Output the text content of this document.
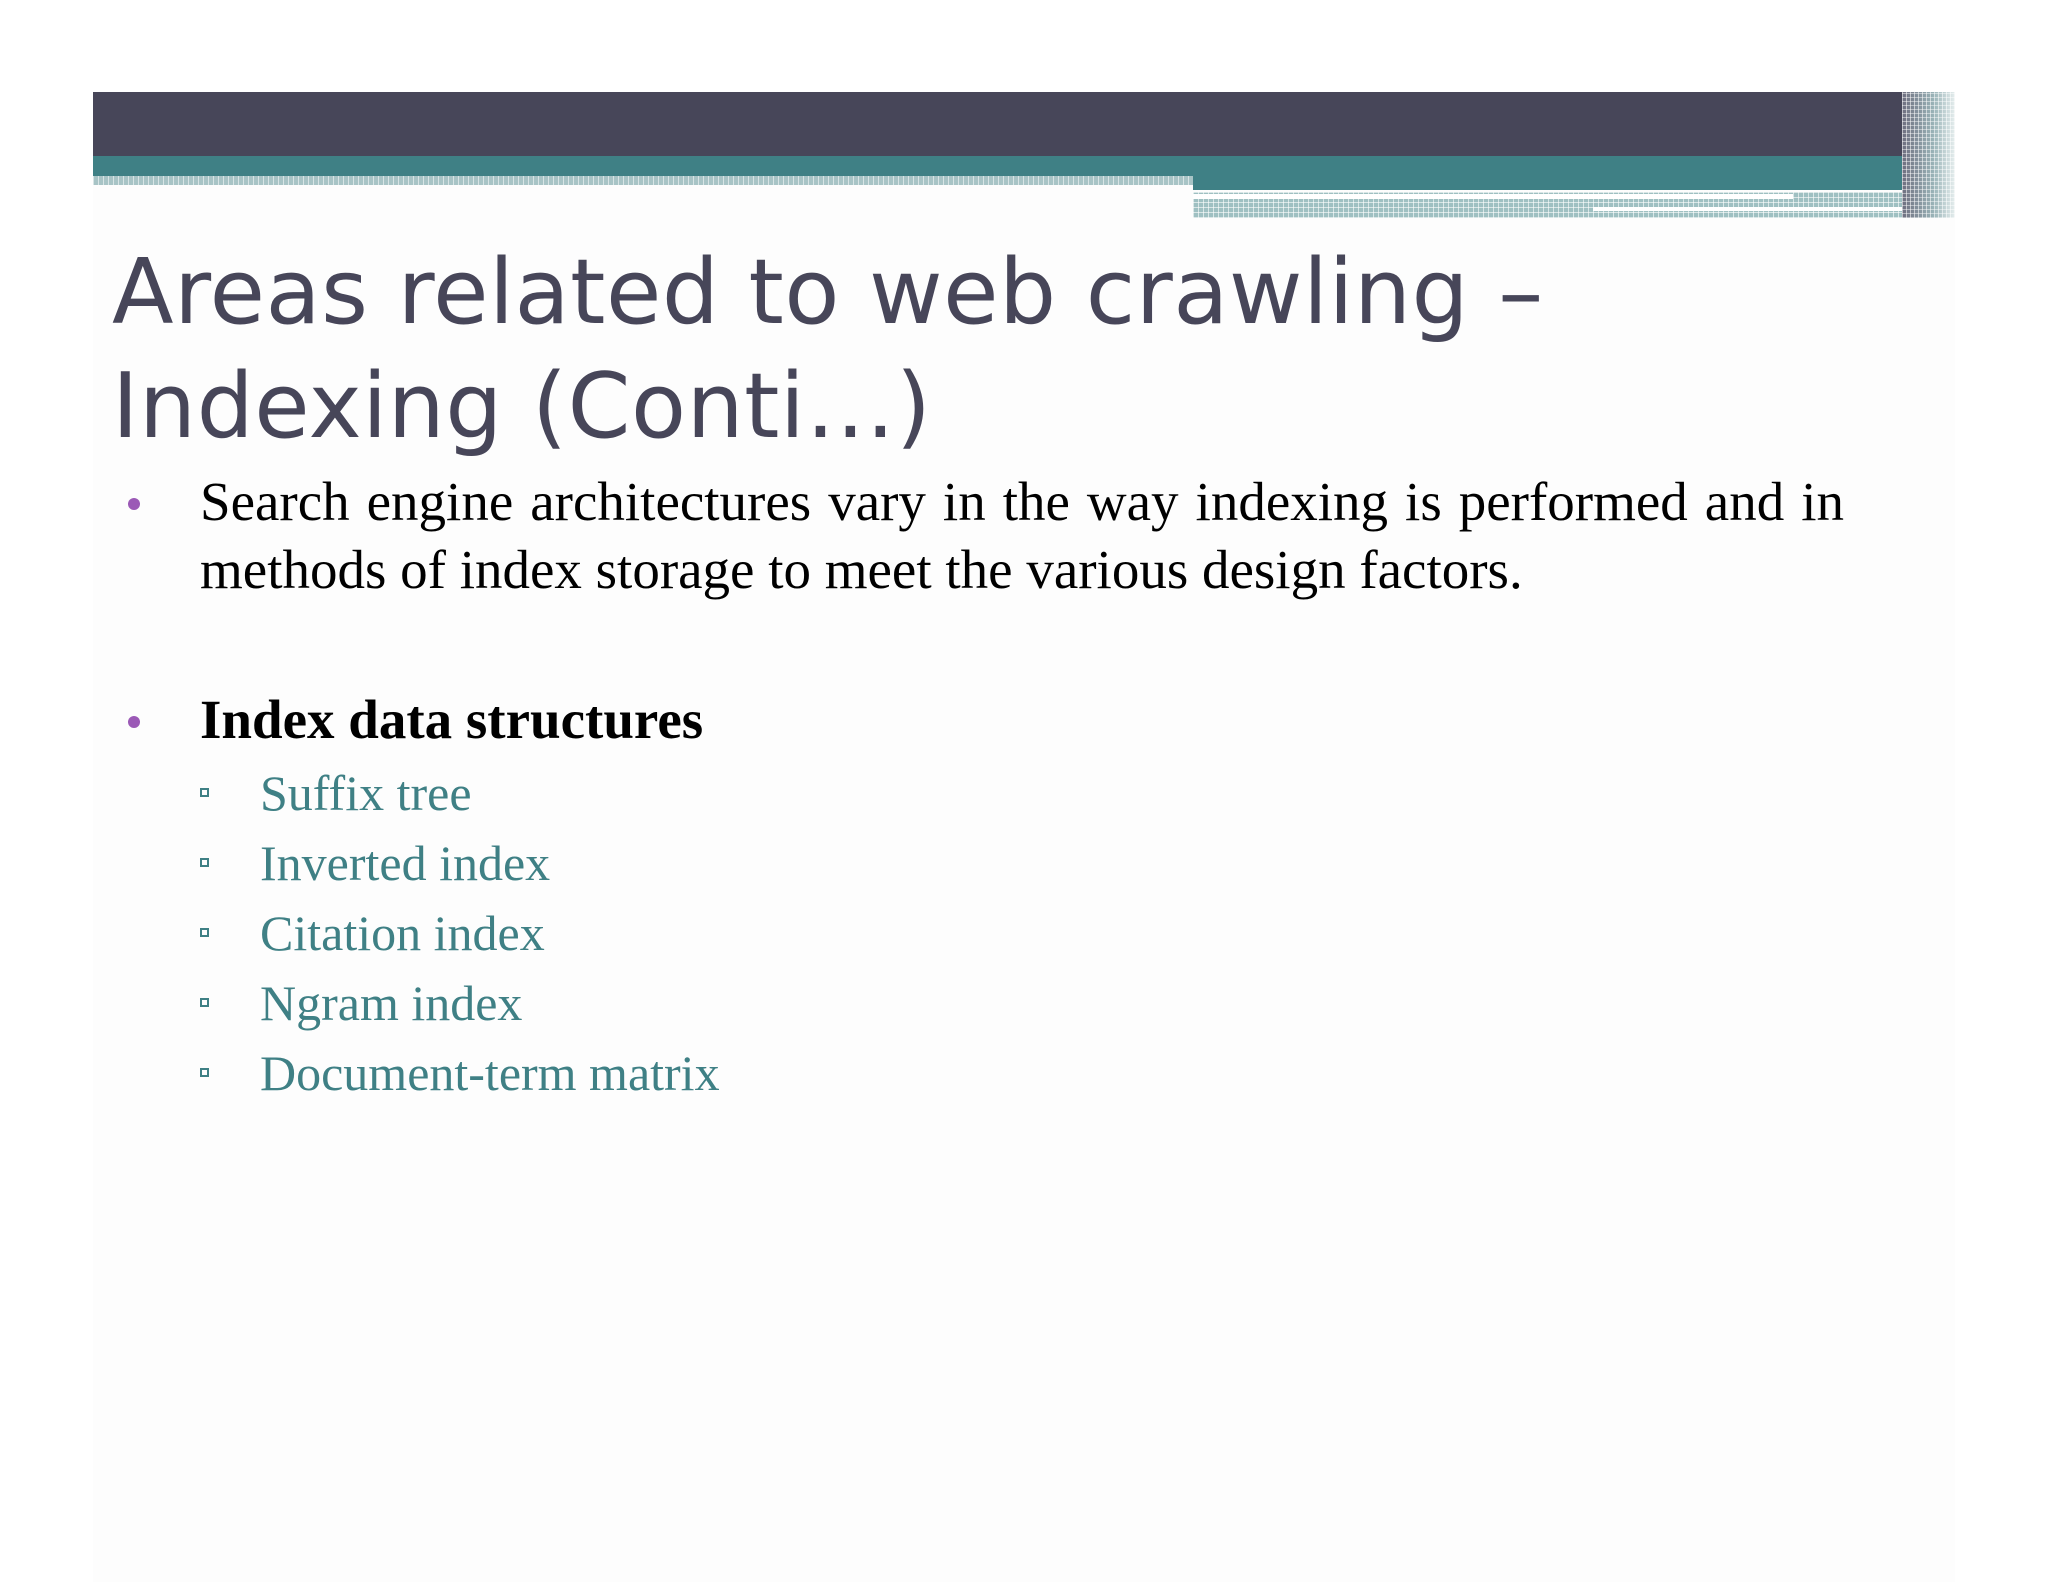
Areas related to web crawling – Indexing (Conti…)
Search engine architectures vary in the way indexing is performed and in methods of index storage to meet the various design factors.
Index data structures
Suffix tree
Inverted index
Citation index
Ngram index
Document-term matrix
